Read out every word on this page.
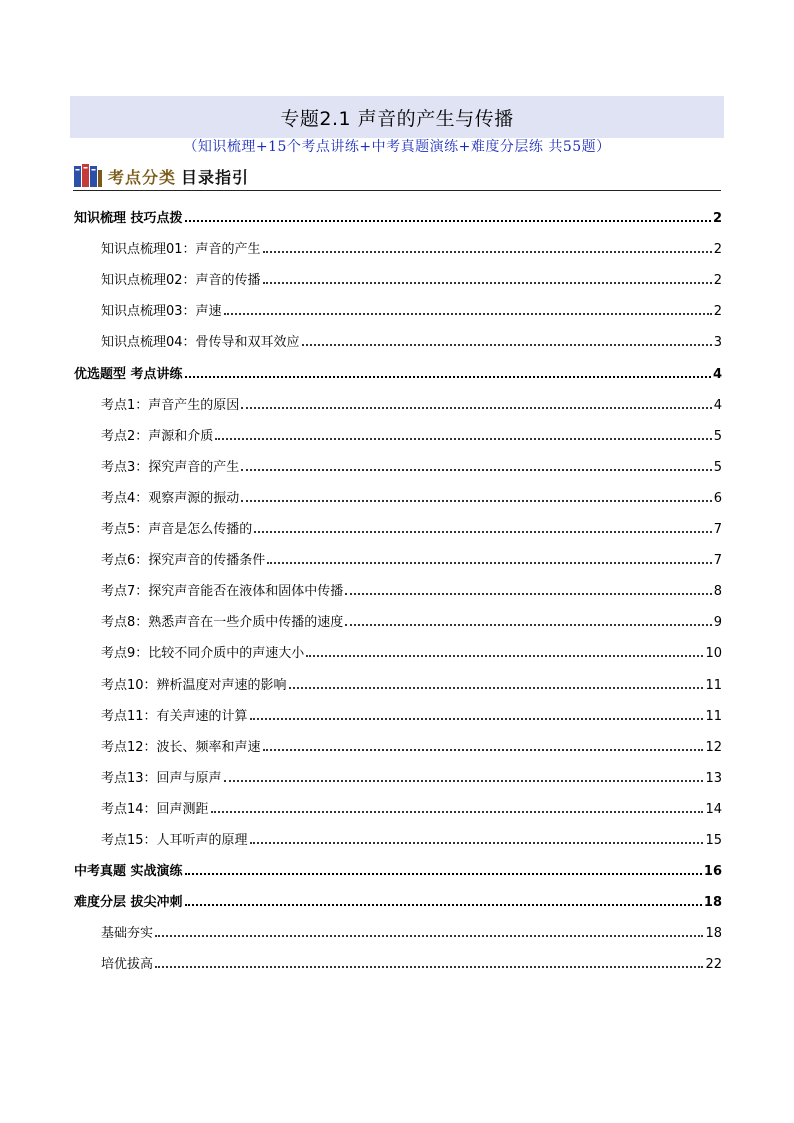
专题2.1 声音的产生与传播
（知识梳理+15个考点讲练+中考真题演练+难度分层练 共55题）
考点分类 目录指引
知识梳理 技巧点拨	2
知识点梳理01：声音的产生	2
知识点梳理02：声音的传播	2
知识点梳理03：声速	2
知识点梳理04：骨传导和双耳效应	3
优选题型 考点讲练	4
考点1：声音产生的原因	4
考点2：声源和介质	5
考点3：探究声音的产生	5
考点4：观察声源的振动	6
考点5：声音是怎么传播的	7
考点6：探究声音的传播条件	7
考点7：探究声音能否在液体和固体中传播	8
考点8：熟悉声音在一些介质中传播的速度	9
考点9：比较不同介质中的声速大小	10
考点10：辨析温度对声速的影响	11
考点11：有关声速的计算	11
考点12：波长、频率和声速	12
考点13：回声与原声	13
考点14：回声测距	14
考点15：人耳听声的原理	15
中考真题 实战演练	16
难度分层 拔尖冲刺	18
基础夯实	18
培优拔高	22
